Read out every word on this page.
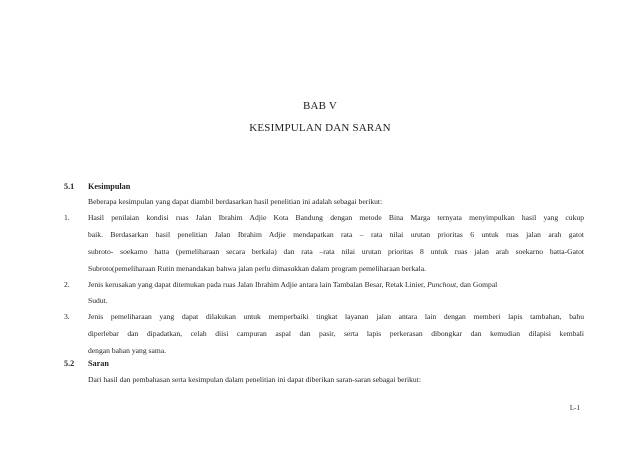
BAB V
KESIMPULAN DAN SARAN
5.1 Kesimpulan
Beberapa kesimpulan yang dapat diambil berdasarkan hasil penelitian ini adalah sebagai berikut:
1. Hasil penilaian kondisi ruas Jalan Ibrahim Adjie Kota Bandung dengan metode Bina Marga ternyata menyimpulkan hasil yang cukup
baik. Berdasarkan hasil penelitian Jalan Ibrahim Adjie mendapatkan rata – rata nilai urutan prioritas 6 untuk ruas jalan arah gatot
subroto- soekarno hatta (pemeliharaan secara berkala) dan rata –rata nilai urutan prioritas 8 untuk ruas jalan arah soekarno hatta-Gatot
Subroto(pemeliharaan Rutin menandakan bahwa jalan perlu dimasukkan dalam program pemeliharaan berkala.
2. Jenis kerusakan yang dapat ditemukan pada ruas Jalan Ibrahim Adjie antara lain Tambalan Besar, Retak Linier, Punchout, dan Gompal
Sudut.
3. Jenis pemeliharaan yang dapat dilakukan untuk memperbaiki tingkat layanan jalan antara lain dengan memberi lapis tambahan, bahu
diperlebar dan dipadatkan, celah diisi campuran aspal dan pasir, serta lapis perkerasan dibongkar dan kemudian dilapisi kembali
dengan bahan yang sama.
5.2 Saran
Dari hasil dan pembahasan serta kesimpulan dalam penelitian ini dapat diberikan saran-saran sebagai berikut:
L-1
